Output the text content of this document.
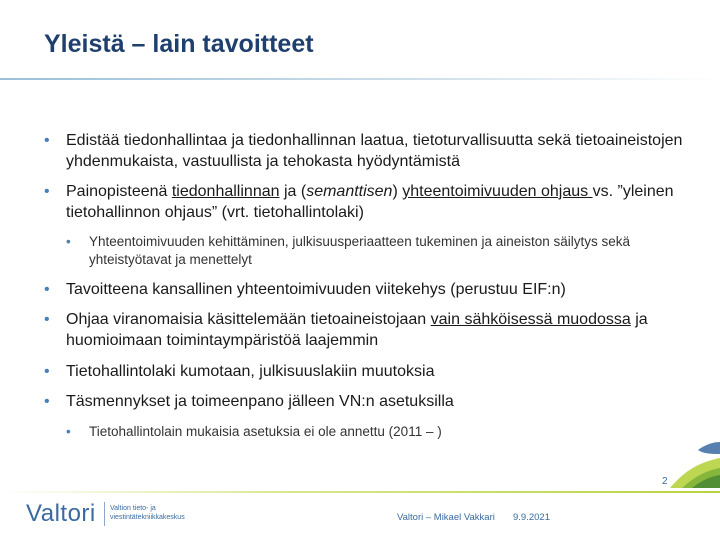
Yleistä – lain tavoitteet
• Edistää tiedonhallintaa ja tiedonhallinnan laatua, tietoturvallisuutta sekä tietoaineistojen yhdenmukaista, vastuullista ja tehokasta hyödyntämistä
• Painopisteenä tiedonhallinnan ja (semanttisen) yhteentoimivuuden ohjaus vs. ”yleinen tietohallinnon ohjaus” (vrt. tietohallintolaki)
• Yhteentoimivuuden kehittäminen, julkisuusperiaatteen tukeminen ja aineiston säilytys sekä yhteistyötavat ja menettelyt
• Tavoitteena kansallinen yhteentoimivuuden viitekehys (perustuu EIF:n)
• Ohjaa viranomaisia käsittelemään tietoaineistojaan vain sähköisessä muodossa ja huomioimaan toimintaympäristöä laajemmin
• Tietohallintolaki kumotaan, julkisuuslakiin muutoksia
• Täsmennykset ja toimeenpano jälleen VN:n asetuksilla
• Tietohallintolain mukaisia asetuksia ei ole annettu (2011 – )
2
Valtori Valtion tieto- ja viestintätekniikkakeskus	Valtori – Mikael Vakkari 9.9.2021
